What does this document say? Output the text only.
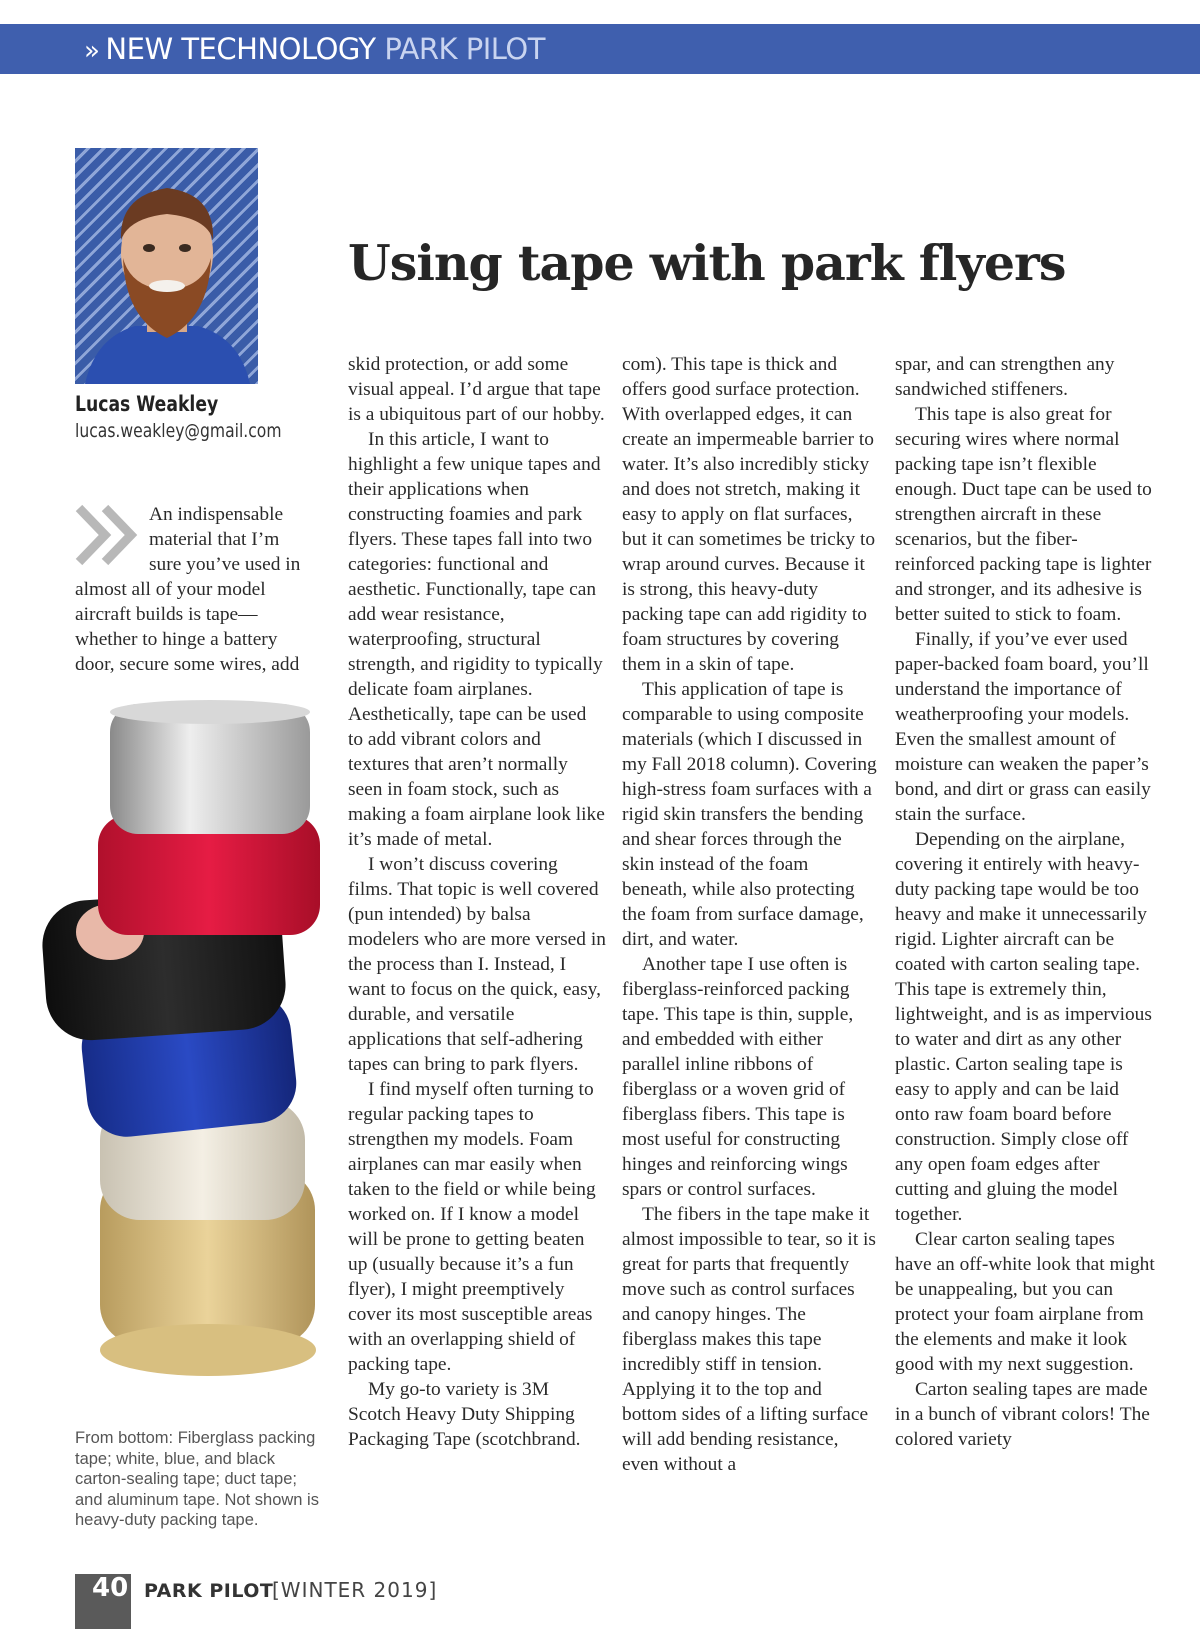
» NEW TECHNOLOGY PARK PILOT
Lucas Weakley
lucas.weakley@gmail.com
Using tape with park flyers
An indispensable material that I’m sure you’ve used in almost all of your model aircraft builds is tape—whether to hinge a battery door, secure some wires, add
From bottom: Fiberglass packing tape; white, blue, and black carton-sealing tape; duct tape; and aluminum tape. Not shown is heavy-duty packing tape.

skid protection, or add some visual appeal. I’d argue that tape is a ubiquitous part of our hobby.

In this article, I want to highlight a few unique tapes and their applications when constructing foamies and park flyers. These tapes fall into two categories: functional and aesthetic. Functionally, tape can add wear resistance, waterproofing, structural strength, and rigidity to typically delicate foam airplanes. Aesthetically, tape can be used to add vibrant colors and textures that aren’t normally seen in foam stock, such as making a foam airplane look like it’s made of metal.

I won’t discuss covering films. That topic is well covered (pun intended) by balsa modelers who are more versed in the process than I. Instead, I want to focus on the quick, easy, durable, and versatile applications that self-adhering tapes can bring to park flyers.

I find myself often turning to regular packing tapes to strengthen my models. Foam airplanes can mar easily when taken to the field or while being worked on. If I know a model will be prone to getting beaten up (usually because it’s a fun flyer), I might preemptively cover its most susceptible areas with an overlapping shield of packing tape.

My go-to variety is 3M Scotch Heavy Duty Shipping Packaging Tape (scotchbrand.

com). This tape is thick and offers good surface protection. With overlapped edges, it can create an impermeable barrier to water. It’s also incredibly sticky and does not stretch, making it easy to apply on flat surfaces, but it can sometimes be tricky to wrap around curves. Because it is strong, this heavy-duty packing tape can add rigidity to foam structures by covering them in a skin of tape.

This application of tape is comparable to using composite materials (which I discussed in my Fall 2018 column). Covering high-stress foam surfaces with a rigid skin transfers the bending and shear forces through the skin instead of the foam beneath, while also protecting the foam from surface damage, dirt, and water.

Another tape I use often is fiberglass-reinforced packing tape. This tape is thin, supple, and embedded with either parallel inline ribbons of fiberglass or a woven grid of fiberglass fibers. This tape is most useful for constructing hinges and reinforcing wings spars or control surfaces.

The fibers in the tape make it almost impossible to tear, so it is great for parts that frequently move such as control surfaces and canopy hinges. The fiberglass makes this tape incredibly stiff in tension. Applying it to the top and bottom sides of a lifting surface will add bending resistance, even without a

spar, and can strengthen any sandwiched stiffeners.

This tape is also great for securing wires where normal packing tape isn’t flexible enough. Duct tape can be used to strengthen aircraft in these scenarios, but the fiber-reinforced packing tape is lighter and stronger, and its adhesive is better suited to stick to foam.

Finally, if you’ve ever used paper-backed foam board, you’ll understand the importance of weatherproofing your models. Even the smallest amount of moisture can weaken the paper’s bond, and dirt or grass can easily stain the surface.

Depending on the airplane, covering it entirely with heavy-duty packing tape would be too heavy and make it unnecessarily rigid. Lighter aircraft can be coated with carton sealing tape. This tape is extremely thin, lightweight, and is as impervious to water and dirt as any other plastic. Carton sealing tape is easy to apply and can be laid onto raw foam board before construction. Simply close off any open foam edges after cutting and gluing the model together.

Clear carton sealing tapes have an off-white look that might be unappealing, but you can protect your foam airplane from the elements and make it look good with my next suggestion.

Carton sealing tapes are made in a bunch of vibrant colors! The colored variety

40 PARK PILOT
[WINTER 2019]
